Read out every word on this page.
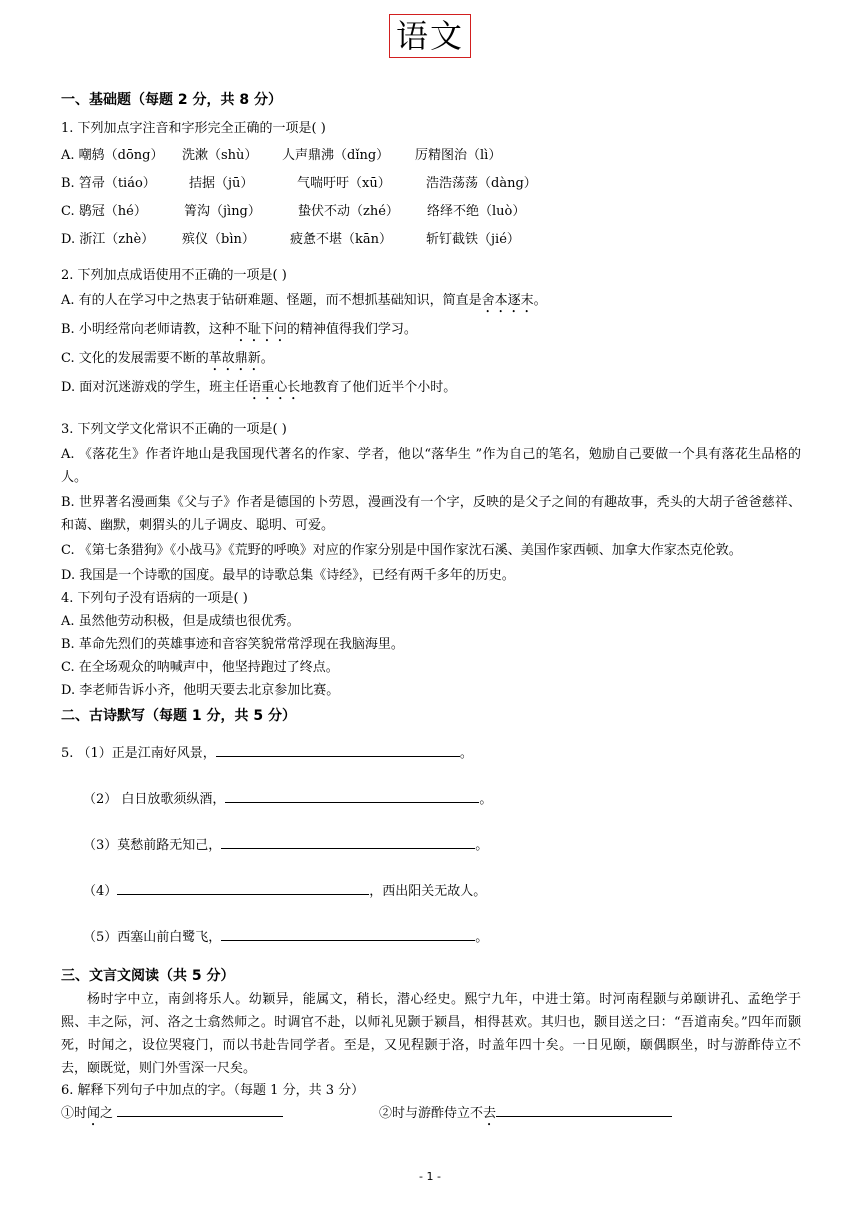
语文

一、基础题（每题 2 分，共 8 分）

1. 下列加点字注音和字形完全正确的一项是( )

A. 嘲鸫（dōng） 洗漱（shù） 人声鼎沸（dǐng） 厉精图治（lì）
B. 笤帚（tiáo）	拮据（jū）	气喘吁吁（xū）	浩浩荡荡（dàng）
C. 鹖冠（hé）	箐沟（jìng）	蛰伏不动（zhé） 络绎不绝（luò）
D. 浙江（zhè） 殡仪（bìn）	疲惫不堪（kān）	斩钉截铁（jié）

2. 下列加点成语使用不正确的一项是( )

A. 有的人在学习中之热衷于钻研难题、怪题，而不想抓基础知识，简直是舍本逐末。

B. 小明经常向老师请教，这种不耻下问的精神值得我们学习。

C. 文化的发展需要不断的革故鼎新。

D. 面对沉迷游戏的学生，班主任语重心长地教育了他们近半个小时。

3. 下列文学文化常识不正确的一项是( )

A. 《落花生》作者许地山是我国现代著名的作家、学者，他以“落华生 ”作为自己的笔名，勉励自己要做一个具有落花生品格的人。

B. 世界著名漫画集《父与子》作者是德国的卜劳恩，漫画没有一个字，反映的是父子之间的有趣故事，秃头的大胡子爸爸慈祥、和蔼、幽默，刺猬头的儿子调皮、聪明、可爱。

C. 《第七条猎狗》《小战马》《荒野的呼唤》对应的作家分别是中国作家沈石溪、美国作家西顿、加拿大作家杰克伦敦。

D. 我国是一个诗歌的国度。最早的诗歌总集《诗经》，已经有两千多年的历史。

4. 下列句子没有语病的一项是( )

A. 虽然他劳动积极，但是成绩也很优秀。

B. 革命先烈们的英雄事迹和音容笑貌常常浮现在我脑海里。

C. 在全场观众的呐喊声中，他坚持跑过了终点。

D. 李老师告诉小齐，他明天要去北京参加比赛。

二、古诗默写（每题 1 分，共 5 分）

5. （1）正是江南好风景，	。

（2） 白日放歌须纵酒，	。

（3）莫愁前路无知己，	。

（4）	，西出阳关无故人。

（5）西塞山前白鹭飞，	。

三、文言文阅读（共 5 分）

杨时字中立，南剑将乐人。幼颖异，能属文，稍长，潜心经史。熙宁九年，中进士第。时河南程颢与弟颐讲孔、孟绝学于熙、丰之际，河、洛之士翕然师之。时调官不赴，以师礼见颢于颍昌，相得甚欢。其归也，颢目送之曰：“吾道南矣。”四年而颢死，时闻之，设位哭寝门，而以书赴告同学者。至是，又见程颢于洛，时盖年四十矣。一日见颐，颐偶瞑坐，时与游酢侍立不去，颐既觉，则门外雪深一尺矣。

6. 解释下列句子中加点的字。（每题 1 分，共 3 分）

①时闻之	②时与游酢侍立不去
- 1 -
